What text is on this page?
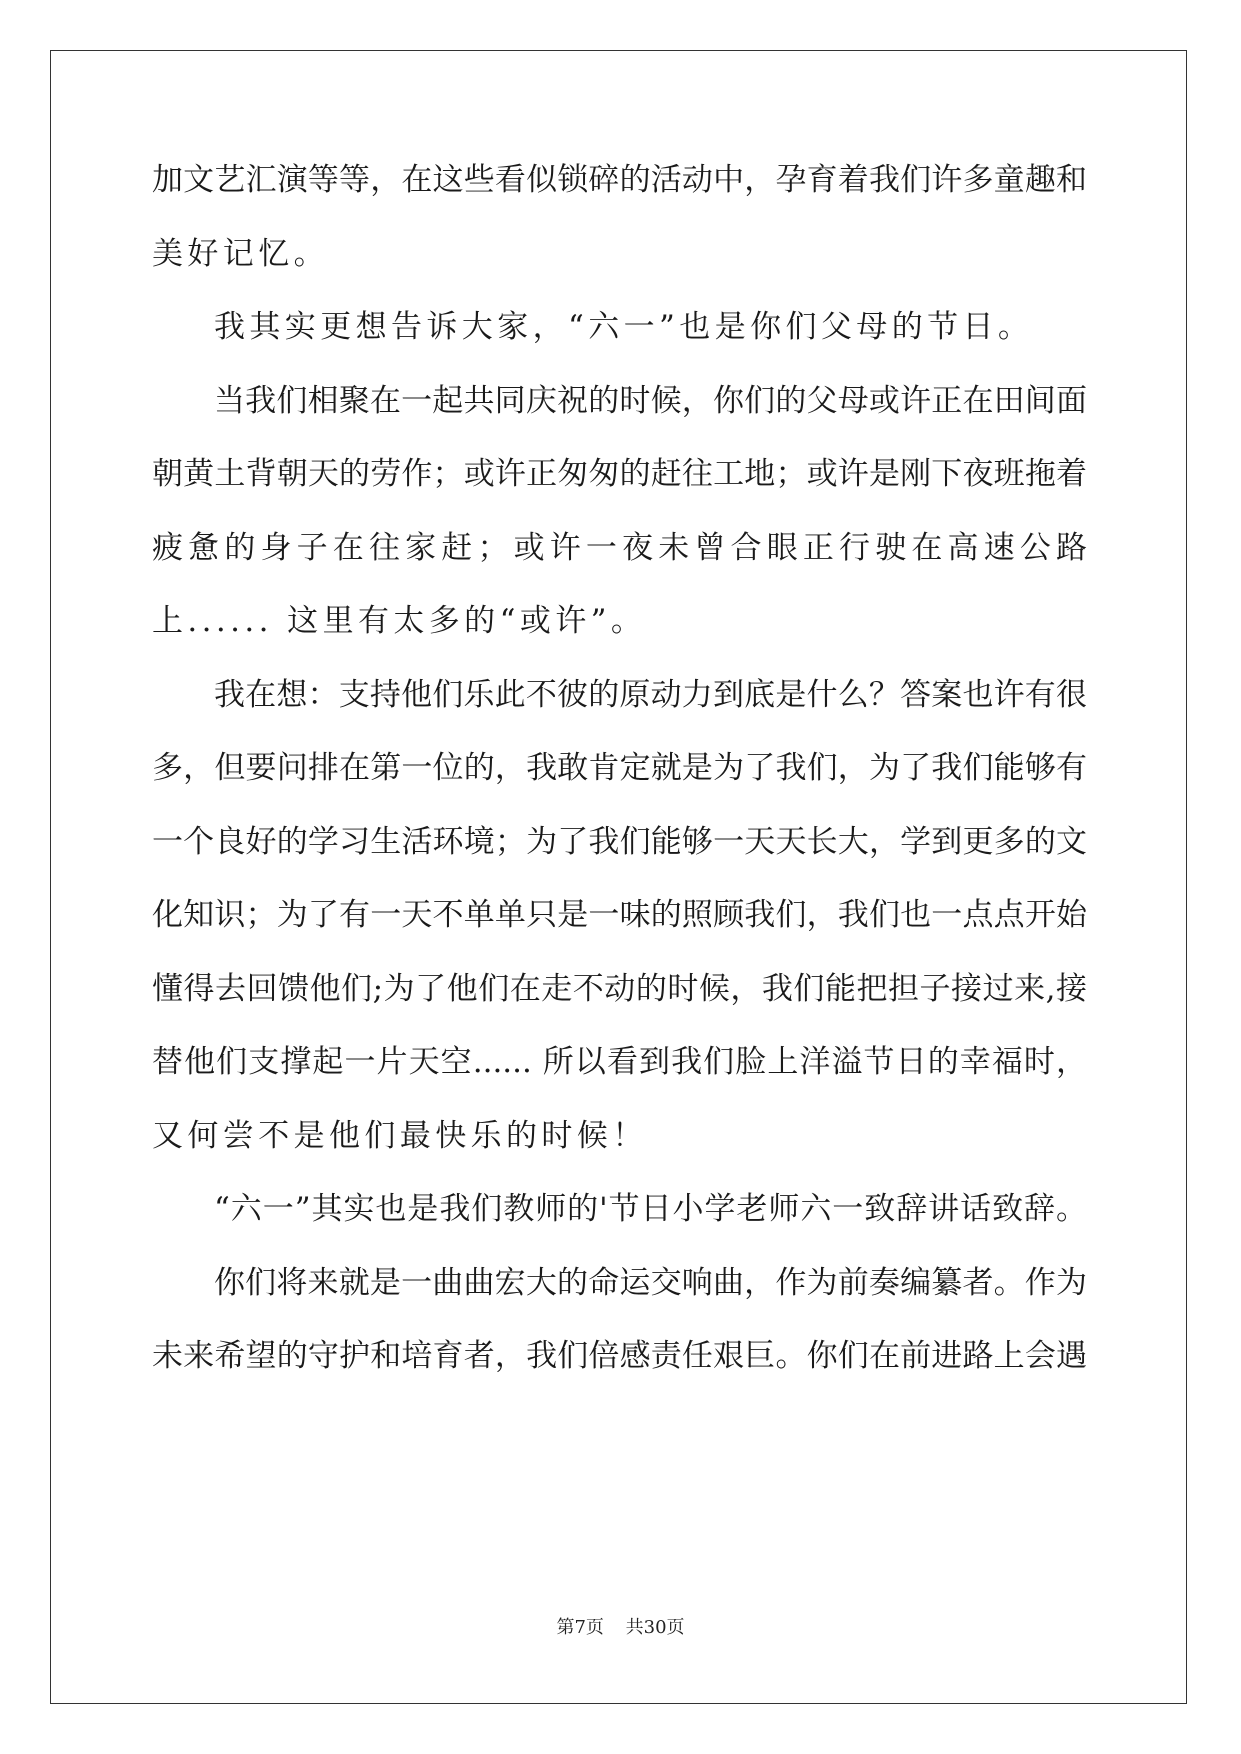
加文艺汇演等等，在这些看似锁碎的活动中，孕育着我们许多童趣和
美好记忆。
我其实更想告诉大家，“六一”也是你们父母的节日。
当我们相聚在一起共同庆祝的时候，你们的父母或许正在田间面
朝黄土背朝天的劳作；或许正匆匆的赶往工地；或许是刚下夜班拖着
疲惫的身子在往家赶；或许一夜未曾合眼正行驶在高速公路
上...... 这里有太多的“或许”。
我在想：支持他们乐此不彼的原动力到底是什么？答案也许有很
多，但要问排在第一位的，我敢肯定就是为了我们，为了我们能够有
一个良好的学习生活环境；为了我们能够一天天长大，学到更多的文
化知识；为了有一天不单单只是一味的照顾我们，我们也一点点开始
懂得去回馈他们;为了他们在走不动的时候，我们能把担子接过来,接
替他们支撑起一片天空...... 所以看到我们脸上洋溢节日的幸福时，
又何尝不是他们最快乐的时候！
“六一”其实也是我们教师的'节日小学老师六一致辞讲话致辞。
你们将来就是一曲曲宏大的命运交响曲，作为前奏编纂者。作为
未来希望的守护和培育者，我们倍感责任艰巨。你们在前进路上会遇
第7页 共30页
